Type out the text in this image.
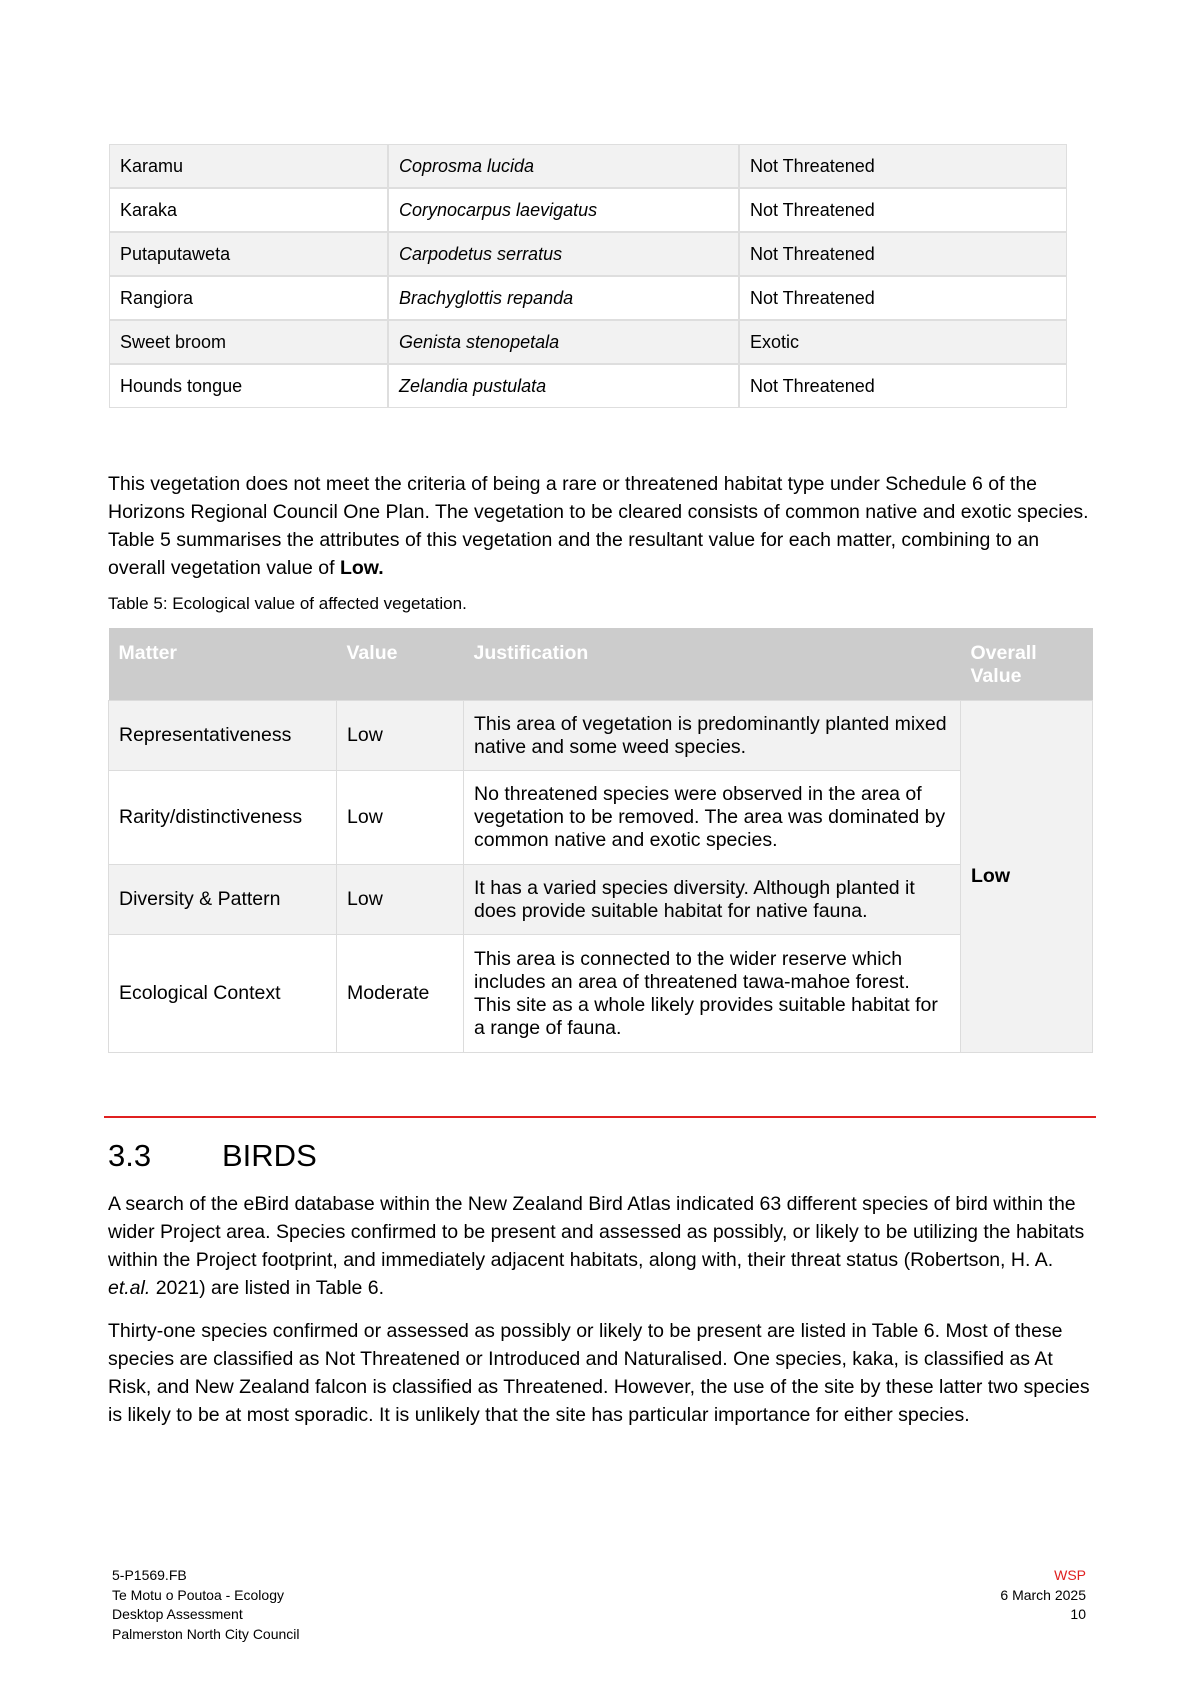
Karamu	Coprosma lucida	Not Threatened
Karaka	Corynocarpus laevigatus	Not Threatened
Putaputaweta	Carpodetus serratus	Not Threatened
Rangiora	Brachyglottis repanda	Not Threatened
Sweet broom	Genista stenopetala	Exotic
Hounds tongue	Zelandia pustulata	Not Threatened

This vegetation does not meet the criteria of being a rare or threatened habitat type under Schedule 6 of the Horizons Regional Council One Plan. The vegetation to be cleared consists of common native and exotic species. Table 5 summarises the attributes of this vegetation and the resultant value for each matter, combining to an overall vegetation value of Low.

Table 5: Ecological value of affected vegetation.
Matter	Value	Justification	Overall Value
Representativeness	Low	This area of vegetation is predominantly planted mixed native and some weed species.	Low
Rarity/distinctiveness	Low	No threatened species were observed in the area of vegetation to be removed. The area was dominated by common native and exotic species.	
Diversity & Pattern	Low	It has a varied species diversity. Although planted it does provide suitable habitat for native fauna.	
Ecological Context	Moderate	This area is connected to the wider reserve which includes an area of threatened tawa-mahoe forest. This site as a whole likely provides suitable habitat for a range of fauna.	
3.3 BIRDS

A search of the eBird database within the New Zealand Bird Atlas indicated 63 different species of bird within the wider Project area. Species confirmed to be present and assessed as possibly, or likely to be utilizing the habitats within the Project footprint, and immediately adjacent habitats, along with, their threat status (Robertson, H. A. et.al. 2021) are listed in Table 6.

Thirty-one species confirmed or assessed as possibly or likely to be present are listed in Table 6. Most of these species are classified as Not Threatened or Introduced and Naturalised. One species, kaka, is classified as At Risk, and New Zealand falcon is classified as Threatened. However, the use of the site by these latter two species is likely to be at most sporadic. It is unlikely that the site has particular importance for either species.

5-P1569.FB
Te Motu o Poutoa - Ecology
Desktop Assessment
Palmerston North City Council
WSP
6 March 2025
10
